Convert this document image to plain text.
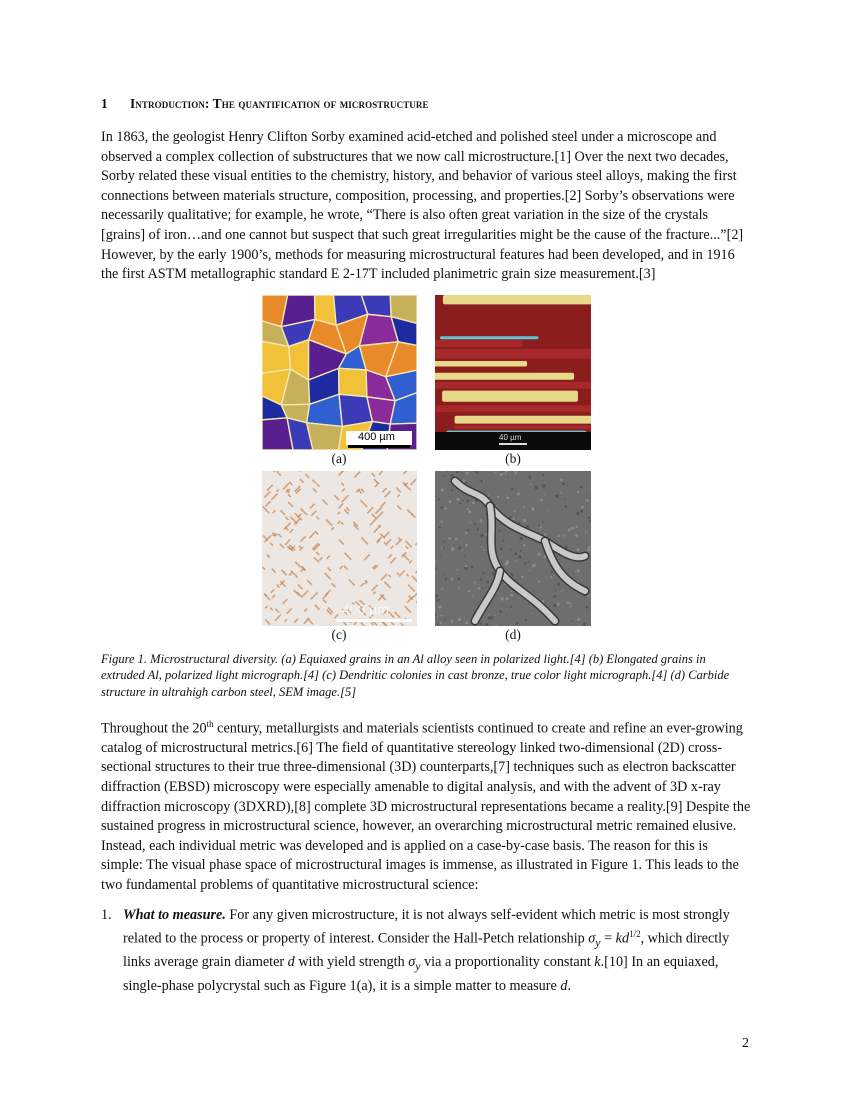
1 Introduction: The quantification of microstructure

In 1863, the geologist Henry Clifton Sorby examined acid-etched and polished steel under a microscope and observed a complex collection of substructures that we now call microstructure.[1] Over the next two decades, Sorby related these visual entities to the chemistry, history, and behavior of various steel alloys, making the first connections between materials structure, composition, processing, and properties.[2] Sorby’s observations were necessarily qualitative; for example, he wrote, “There is also often great variation in the size of the crystals [grains] of iron…and one cannot but suspect that such great irregularities might be the cause of the fracture...”[2] However, by the early 1900’s, methods for measuring microstructural features had been developed, and in 1916 the first ASTM metallographic standard E 2-17T included planimetric grain size measurement.[3]

400 µm
(a)
40 µm
(b)
400 µm
(c)	(d)

Figure 1. Microstructural diversity. (a) Equiaxed grains in an Al alloy seen in polarized light.[4] (b) Elongated grains in extruded Al, polarized light micrograph.[4] (c) Dendritic colonies in cast bronze, true color light micrograph.[4] (d) Carbide structure in ultrahigh carbon steel, SEM image.[5]

Throughout the 20th century, metallurgists and materials scientists continued to create and refine an ever-growing catalog of microstructural metrics.[6] The field of quantitative stereology linked two-dimensional (2D) cross-sectional structures to their true three-dimensional (3D) counterparts,[7] techniques such as electron backscatter diffraction (EBSD) microscopy were especially amenable to digital analysis, and with the advent of 3D x-ray diffraction microscopy (3DXRD),[8] complete 3D microstructural representations became a reality.[9] Despite the sustained progress in microstructural science, however, an overarching microstructural metric remained elusive. Instead, each individual metric was developed and is applied on a case-by-case basis. The reason for this is simple: The visual phase space of microstructural images is immense, as illustrated in Figure 1. This leads to the two fundamental problems of quantitative microstructural science:

1. What to measure. For any given microstructure, it is not always self-evident which metric is most strongly related to the process or property of interest. Consider the Hall-Petch relationship $\sigma_y = kd^{1/2}$, which directly links average grain diameter d with yield strength $\sigma_y$ via a proportionality constant k.[10] In an equiaxed, single-phase polycrystal such as Figure 1(a), it is a simple matter to measure d.
2
